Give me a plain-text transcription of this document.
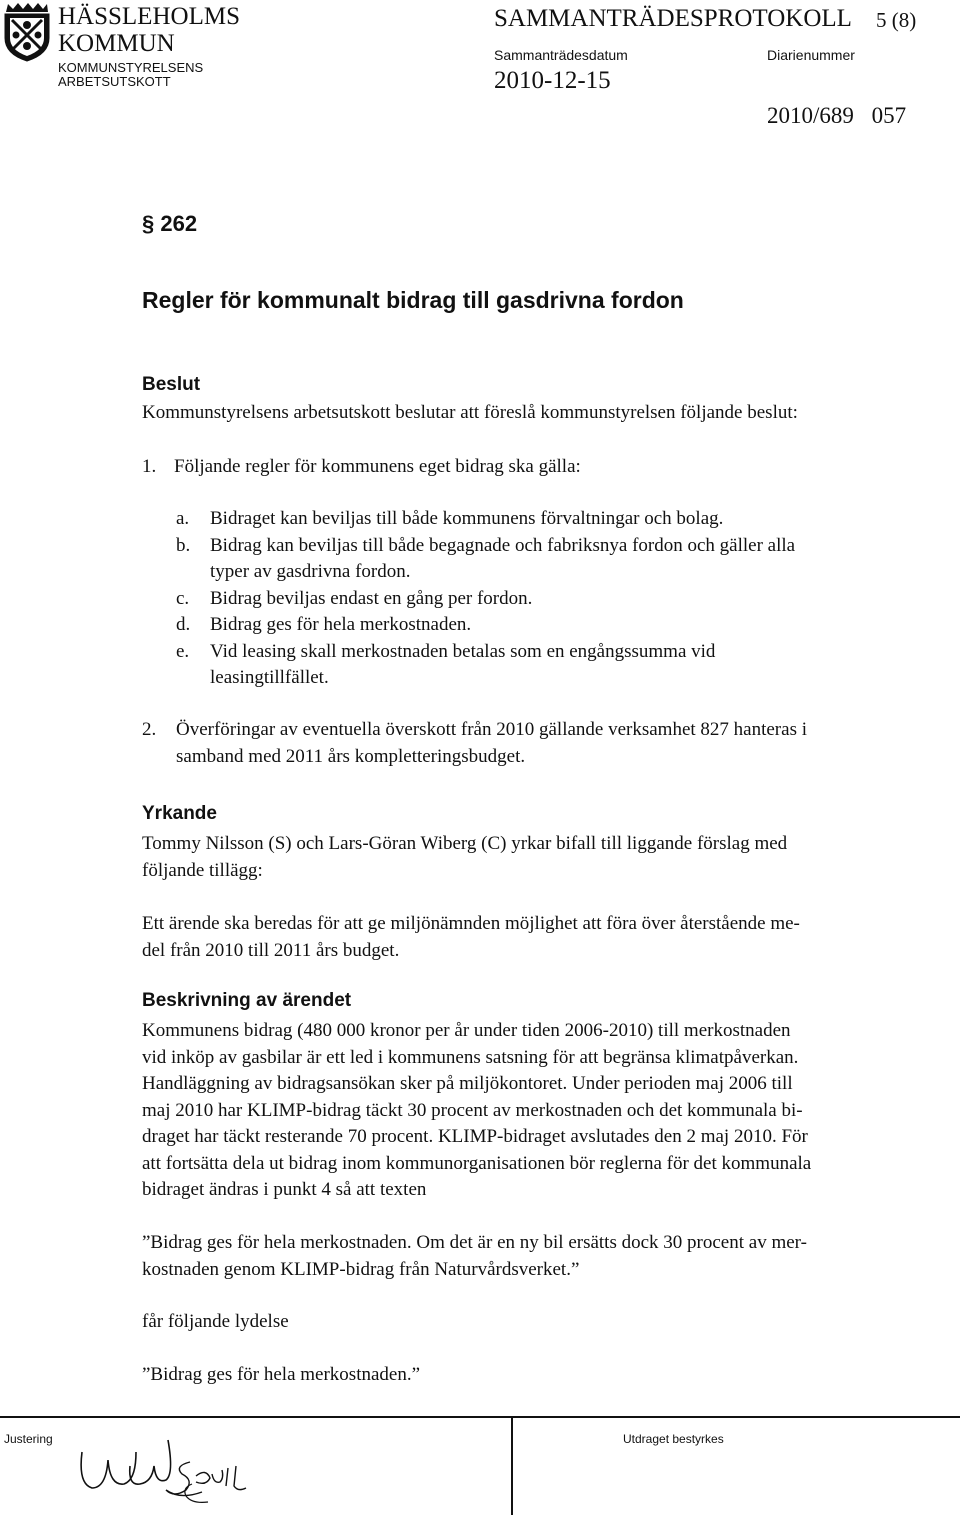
HÄSSLEHOLMS
KOMMUN
KOMMUNSTYRELSENS
ARBETSUTSKOTT
SAMMANTRÄDESPROTOKOLL 5 (8)
Sammanträdesdatum
2010-12-15
Diarienummer
2010/689 057
§ 262
Regler för kommunalt bidrag till gasdrivna fordon
Beslut
Kommunstyrelsens arbetsutskott beslutar att föreslå kommunstyrelsen följande beslut:
1. Följande regler för kommunens eget bidrag ska gälla:
a. Bidraget kan beviljas till både kommunens förvaltningar och bolag.
b. Bidrag kan beviljas till både begagnade och fabriksnya fordon och gäller alla
typer av gasdrivna fordon.
c. Bidrag beviljas endast en gång per fordon.
d. Bidrag ges för hela merkostnaden.
e. Vid leasing skall merkostnaden betalas som en engångssumma vid
leasingtillfället.
2. Överföringar av eventuella överskott från 2010 gällande verksamhet 827 hanteras i
samband med 2011 års kompletteringsbudget.
Yrkande
Tommy Nilsson (S) och Lars-Göran Wiberg (C) yrkar bifall till liggande förslag med
följande tillägg:
Ett ärende ska beredas för att ge miljönämnden möjlighet att föra över återstående me-
del från 2010 till 2011 års budget.
Beskrivning av ärendet
Kommunens bidrag (480 000 kronor per år under tiden 2006-2010) till merkostnaden
vid inköp av gasbilar är ett led i kommunens satsning för att begränsa klimatpåverkan.
Handläggning av bidragsansökan sker på miljökontoret. Under perioden maj 2006 till
maj 2010 har KLIMP-bidrag täckt 30 procent av merkostnaden och det kommunala bi-
draget har täckt resterande 70 procent. KLIMP-bidraget avslutades den 2 maj 2010. För
att fortsätta dela ut bidrag inom kommunorganisationen bör reglerna för det kommunala
bidraget ändras i punkt 4 så att texten
”Bidrag ges för hela merkostnaden. Om det är en ny bil ersätts dock 30 procent av mer-
kostnaden genom KLIMP-bidrag från Naturvårdsverket.”
får följande lydelse
”Bidrag ges för hela merkostnaden.”
Justering	Utdraget bestyrkes
